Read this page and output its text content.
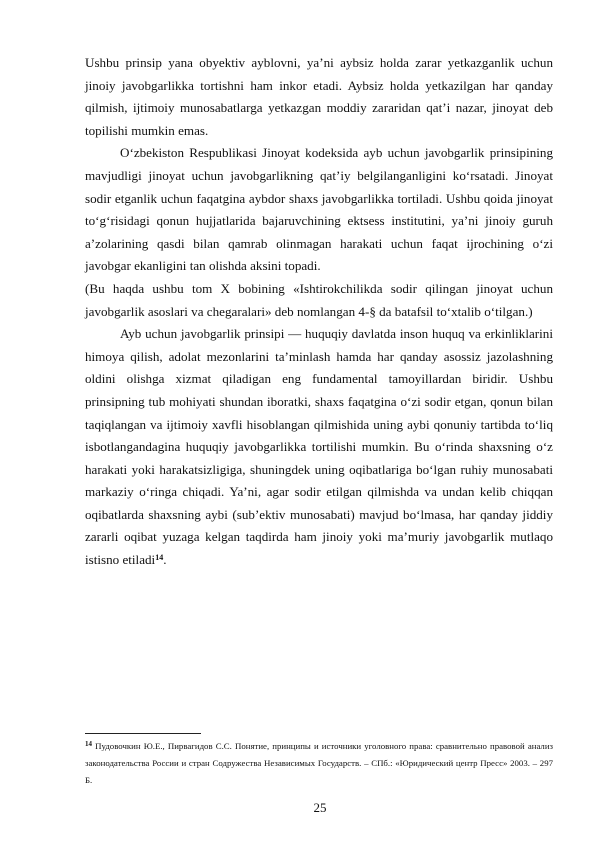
Ushbu prinsip yana obyektiv ayblovni, ya’ni aybsiz holda zarar yetkazganlik uchun jinoiy javobgarlikka tortishni ham inkor etadi. Aybsiz holda yetkazilgan har qanday qilmish, ijtimoiy munosabatlarga yetkazgan moddiy zararidan qat’i nazar, jinoyat deb topilishi mumkin emas.

O‘zbekiston Respublikasi Jinoyat kodeksida ayb uchun javobgarlik prinsipining mavjudligi jinoyat uchun javobgarlikning qat’iy belgilanganligini ko‘rsatadi. Jinoyat sodir etganlik uchun faqatgina aybdor shaxs javobgarlikka tortiladi. Ushbu qoida jinoyat to‘g‘risidagi qonun hujjatlarida bajaruvchining ektsess institutini, ya’ni jinoiy guruh a’zolarining qasdi bilan qamrab olinmagan harakati uchun faqat ijrochining o‘zi javobgar ekanligini tan olishda aksini topadi.

(Bu haqda ushbu tom X bobining «Ishtirokchilikda sodir qilingan jinoyat uchun javobgarlik asoslari va chegaralari» deb nomlangan 4-§ da batafsil to‘xtalib o‘tilgan.)

Ayb uchun javobgarlik prinsipi — huquqiy davlatda inson huquq va erkinliklarini himoya qilish, adolat mezonlarini ta’minlash hamda har qanday asossiz jazolashning oldini olishga xizmat qiladigan eng fundamental tamoyillardan biridir. Ushbu prinsipning tub mohiyati shundan iboratki, shaxs faqatgina o‘zi sodir etgan, qonun bilan taqiqlangan va ijtimoiy xavfli hisoblangan qilmishida uning aybi qonuniy tartibda to‘liq isbotlangandagina huquqiy javobgarlikka tortilishi mumkin. Bu o‘rinda shaxsning o‘z harakati yoki harakatsizligiga, shuningdek uning oqibatlariga bo‘lgan ruhiy munosabati markaziy o‘ringa chiqadi. Ya’ni, agar sodir etilgan qilmishda va undan kelib chiqqan oqibatlarda shaxsning aybi (sub’ektiv munosabati) mavjud bo‘lmasa, har qanday jiddiy zararli oqibat yuzaga kelgan taqdirda ham jinoiy yoki ma’muriy javobgarlik mutlaqo istisno etiladi$^{14}$.

$^{14}$ Пудовочкин Ю.Е., Пирвагидов С.С. Понятие, принципы и источники уголовного права: сравнительно правовой анализ законодательства России и стран Содружества Независимых Государств. – СПб.: «Юридический центр Пресс» 2003. – 297 Б.

25
